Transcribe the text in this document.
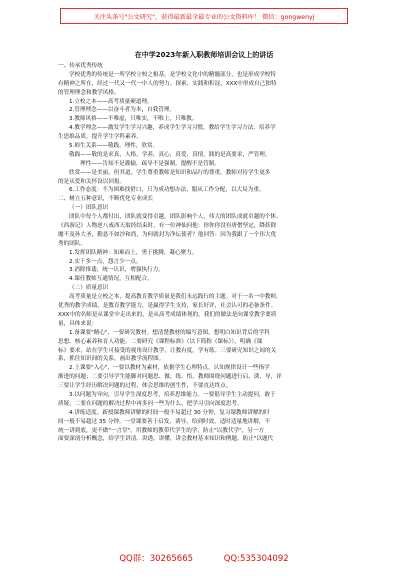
关注头条号"公文研究"，获得最新最全最专业的公文资料库！ 微信：gongwenyj
在中学2023年新入职教师培训会议上的讲话
一、传承优秀传统
学校优秀的传统是一所学校立校之根基，是学校文化中的精髓部分，也是形成学校特
有精神之所在，经过一代又一代一中人的努力、探索、实践和积淀，XXX中形成自己独特
的管理理念和教学风格。
1.立校之本——高考质量硬道理。
2.管理理念——以奋斗者为本，自我管理。
3.教师风格——不唯虚，只唯实，不唯上，只唯教。
4.教学理念——激发学生学习兴趣，养成学生学习习惯，教给学生学习方法，培养学
生思维品质，提升学生学科素养。
5.师生关系——敬践，理性，欣赏。
敬践——敬的是求真，人格，学养，真心，真爱，真情。践的是高要求，严管理。
理性——告知不是灌输，疏导不是强制，提醒不是管制。
欣赏——是美丽，但其道，学生尊重教师是知识和品行的尊重，教师对待学生更多
的是从爱和关怀设以回报。
6.工作态度：不为困难找借口，只为成功想办法，服从工作分配，以大局为重。
二、树立五种意识，不断优化专业成长
（一）团队意识
团队中每个人都付出，团队就变得卓越。团队影响个人，伟大的团队成就卓越的个体。
《西游记》人物逆八戒西天取经结束时，有一位神仙问他：你你你没有唐僧坚定，降妖除
魔不及孙大圣，勤恳不如沙和尚，为何就封为净坛使者？他回答：因为我跟了一个伟大优
秀的团队。
1.发挥团队精神：知难而上，勇于挑腾，凝心聚力。
2.实干多一点，怨言少一点。
3.消除推诿，统一认识，增强执行力。
4.课任教师互通情况，互相配合。
（二）质量意识
高考质量是立校之本，提高教育教学质量是我们永远践行的主题。对于一名一中教师，
优秀的教学成绩，是教育教学能力，是赢得学生支持，家长好评，社会认可的必备条件。
XXX中的名师是从课堂中走出来的，是从高考成绩体现的，我们的做法是向课堂教学要质
量，具体来说：
1.备课要"精心"，一要研究教材。想清楚教材的编写意图，想明白知识背后的学科
思想、核心素养和育人功能。二要研究《课程标准》（以下简称《课标》），明确《课
标》要求，站在学生可接受的视角设计教学，让教有度，学有练。三要研究知识之间的关
系，抓住知识间的关系，画出教学流程图。
2.上课要"入心"，一要以教材为素材，依据学生心理特点，认知规律设计一些指学
渐进的问题；二要引导学生能脚对问题思、做、练、悟，教师围绕问题进行启、诱、导，评
三要让学生经历解决问题的过程，体会思维的创生性，不要直达终点。
3.以问题为导向，引导学生深度思考，培养思维能力。一要倡导学生主动提问，敢于
质疑，二要在问题的解决过程中再多问一些为什么，把学习引向深度思考。
4.讲练适度。新授课教师讲解的时间一般不易超过 30 分钟，复习课教师讲解的时
间一般不易超过 35 分钟。一堂课要善于启发、诱导，给到时效，适时适量地讲解，不
统一讲到底，更不做"一言堂"。用教师的教带代学生的学，防止"以教代学"，另一方
面要深剖分析概念，给学生讲清、讲透、讲懂，讲会教材基本知识和例题，防止"以题代
QQ群：30265665	QQ:535304092
